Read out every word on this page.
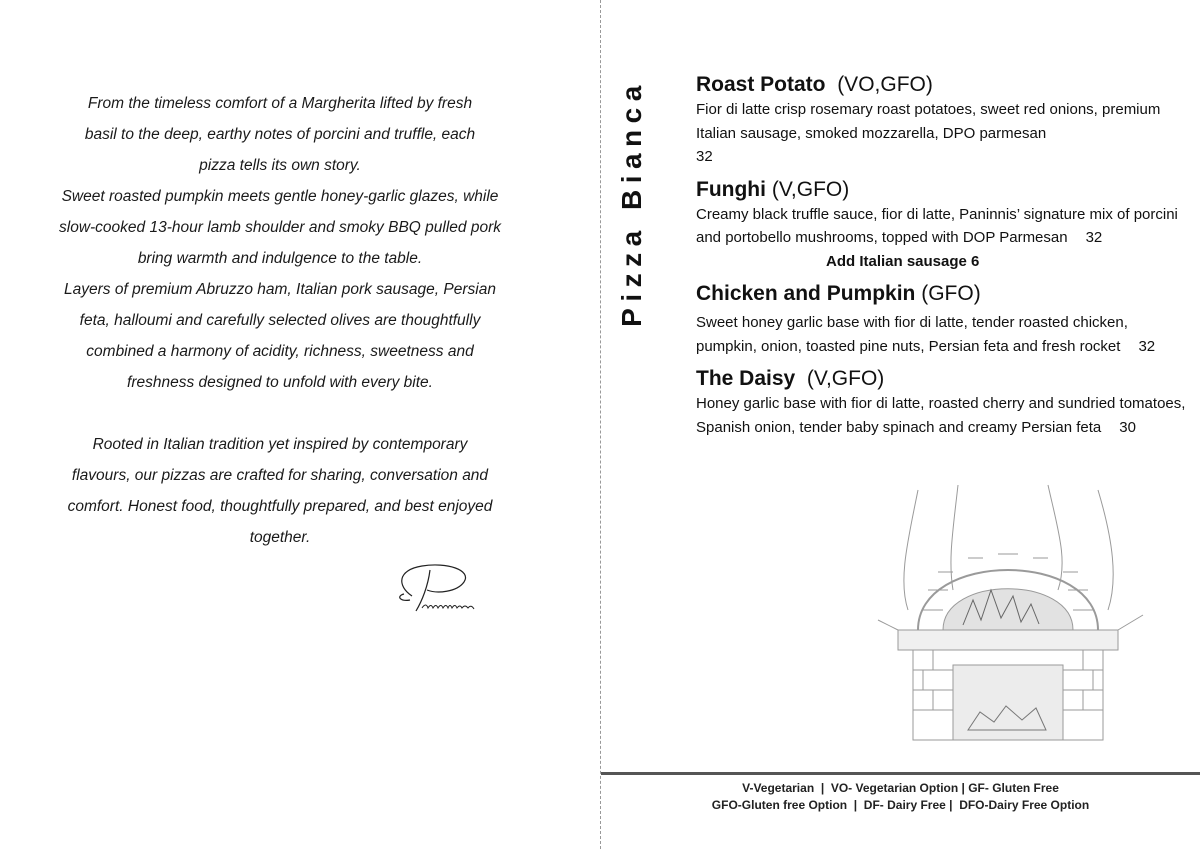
From the timeless comfort of a Margherita lifted by fresh
basil to the deep, earthy notes of porcini and truffle, each
pizza tells its own story.
Sweet roasted pumpkin meets gentle honey-garlic glazes, while
slow-cooked 13-hour lamb shoulder and smoky BBQ pulled pork
bring warmth and indulgence to the table.
Layers of premium Abruzzo ham, Italian pork sausage, Persian
feta, halloumi and carefully selected olives are thoughtfully
combined a harmony of acidity, richness, sweetness and
freshness designed to unfold with every bite.
Rooted in Italian tradition yet inspired by contemporary
flavours, our pizzas are crafted for sharing, conversation and
comfort. Honest food, thoughtfully prepared, and best enjoyed
together.
Pizza Bianca Roast Potato (VO,GFO)
Fior di latte crisp rosemary roast potatoes, sweet red onions, premium Italian sausage, smoked mozzarella, DPO parmesan
32
Funghi (V,GFO)
Creamy black truffle sauce, fior di latte, Paninnis’ signature mix of porcini and portobello mushrooms, topped with DOP Parmesan 32 Add Italian sausage 6
Chicken and Pumpkin (GFO)
Sweet honey garlic base with fior di latte, tender roasted chicken, pumpkin, onion, toasted pine nuts, Persian feta and fresh rocket 32
The Daisy (V,GFO)
Honey garlic base with fior di latte, roasted cherry and sundried tomatoes, Spanish onion, tender baby spinach and creamy Persian feta 30
V-Vegetarian  |  VO- Vegetarian Option | GF- Gluten Free
GFO-Gluten free Option  |  DF- Dairy Free |  DFO-Dairy Free Option
